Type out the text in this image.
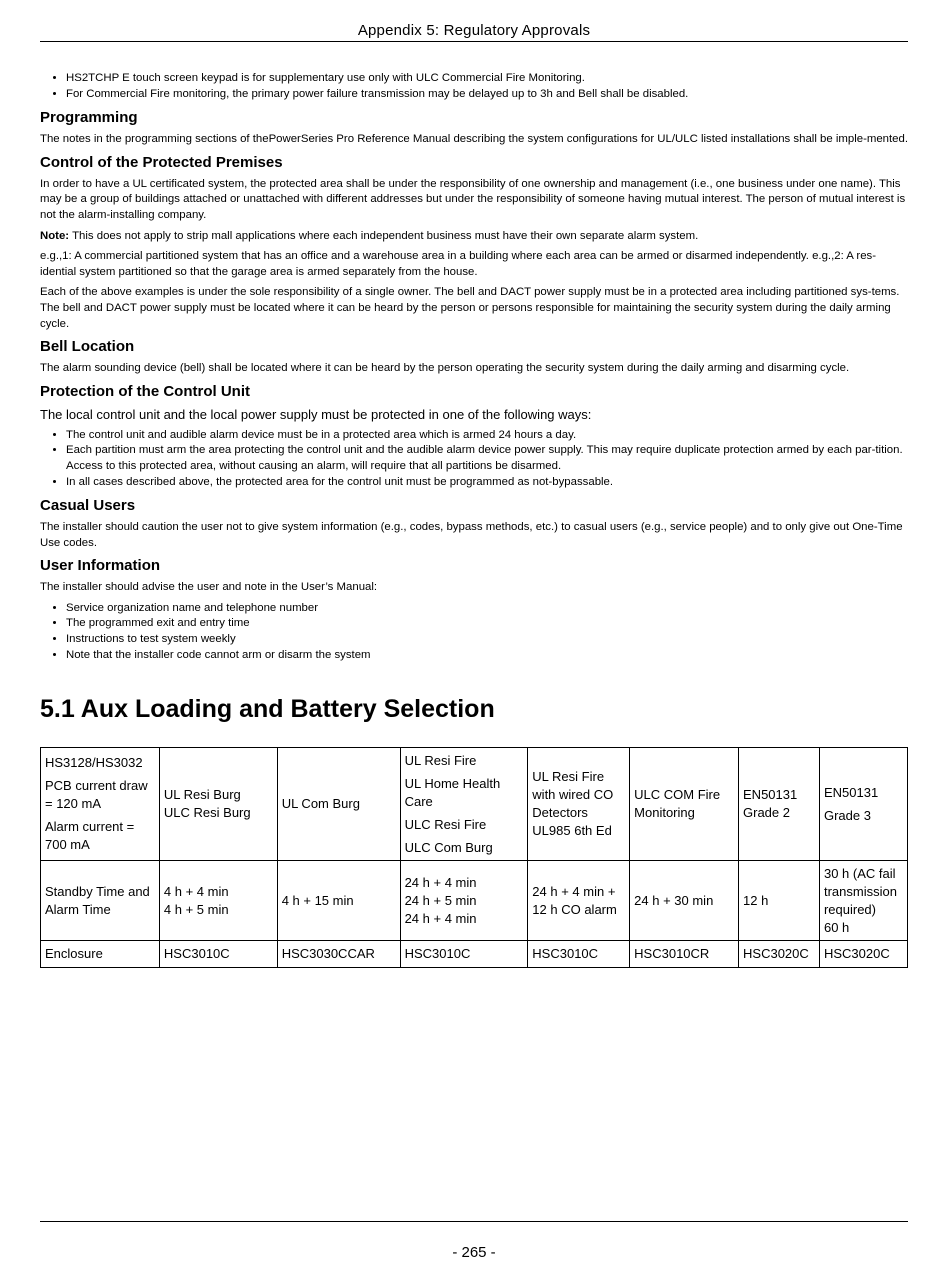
Appendix 5: Regulatory Approvals
• HS2TCHP E touch screen keypad is for supplementary use only with ULC Commercial Fire Monitoring.
• For Commercial Fire monitoring, the primary power failure transmission may be delayed up to 3h and Bell shall be disabled.
Programming

The notes in the programming sections of thePowerSeries Pro Reference Manual describing the system configurations for UL/ULC listed installations shall be imple-mented.

Control of the Protected Premises

In order to have a UL certificated system, the protected area shall be under the responsibility of one ownership and management (i.e., one business under one name). This may be a group of buildings attached or unattached with different addresses but under the responsibility of someone having mutual interest. The person of mutual interest is not the alarm-installing company.

Note: This does not apply to strip mall applications where each independent business must have their own separate alarm system.

e.g.,1: A commercial partitioned system that has an office and a warehouse area in a building where each area can be armed or disarmed independently. e.g.,2: A res-idential system partitioned so that the garage area is armed separately from the house.

Each of the above examples is under the sole responsibility of a single owner. The bell and DACT power supply must be in a protected area including partitioned sys-tems. The bell and DACT power supply must be located where it can be heard by the person or persons responsible for maintaining the security system during the daily arming cycle.

Bell Location

The alarm sounding device (bell) shall be located where it can be heard by the person operating the security system during the daily arming and disarming cycle.

Protection of the Control Unit

The local control unit and the local power supply must be protected in one of the following ways:

• The control unit and audible alarm device must be in a protected area which is armed 24 hours a day.
• Each partition must arm the area protecting the control unit and the audible alarm device power supply. This may require duplicate protection armed by each par-tition. Access to this protected area, without causing an alarm, will require that all partitions be disarmed.
• In all cases described above, the protected area for the control unit must be programmed as not-bypassable.
Casual Users

The installer should caution the user not to give system information (e.g., codes, bypass methods, etc.) to casual users (e.g., service people) and to only give out One-Time Use codes.

User Information

The installer should advise the user and note in the User’s Manual:

• Service organization name and telephone number
• The programmed exit and entry time
• Instructions to test system weekly
• Note that the installer code cannot arm or disarm the system
5.1 Aux Loading and Battery Selection
HS3128/HS3032
PCB current draw = 120 mA
Alarm current = 700 mA	UL Resi Burg
ULC Resi Burg	UL Com Burg	UL Resi Fire
UL Home Health Care
ULC Resi Fire
ULC Com Burg	UL Resi Fire
with wired CO
Detectors
UL985 6th Ed	ULC COM Fire Monitoring	EN50131 Grade 2	EN50131
Grade 3

Standby Time and Alarm Time	4 h + 4 min
4 h + 5 min	4 h + 15 min	24 h + 4 min
24 h + 5 min
24 h + 4 min	24 h + 4 min +
12 h CO alarm	24 h + 30 min	12 h	30 h (AC fail transmission required)
60 h

Enclosure	HSC3010C	HSC3030CCAR	HSC3010C	HSC3010C	HSC3010CR	HSC3020C	HSC3020C
- 265 -
